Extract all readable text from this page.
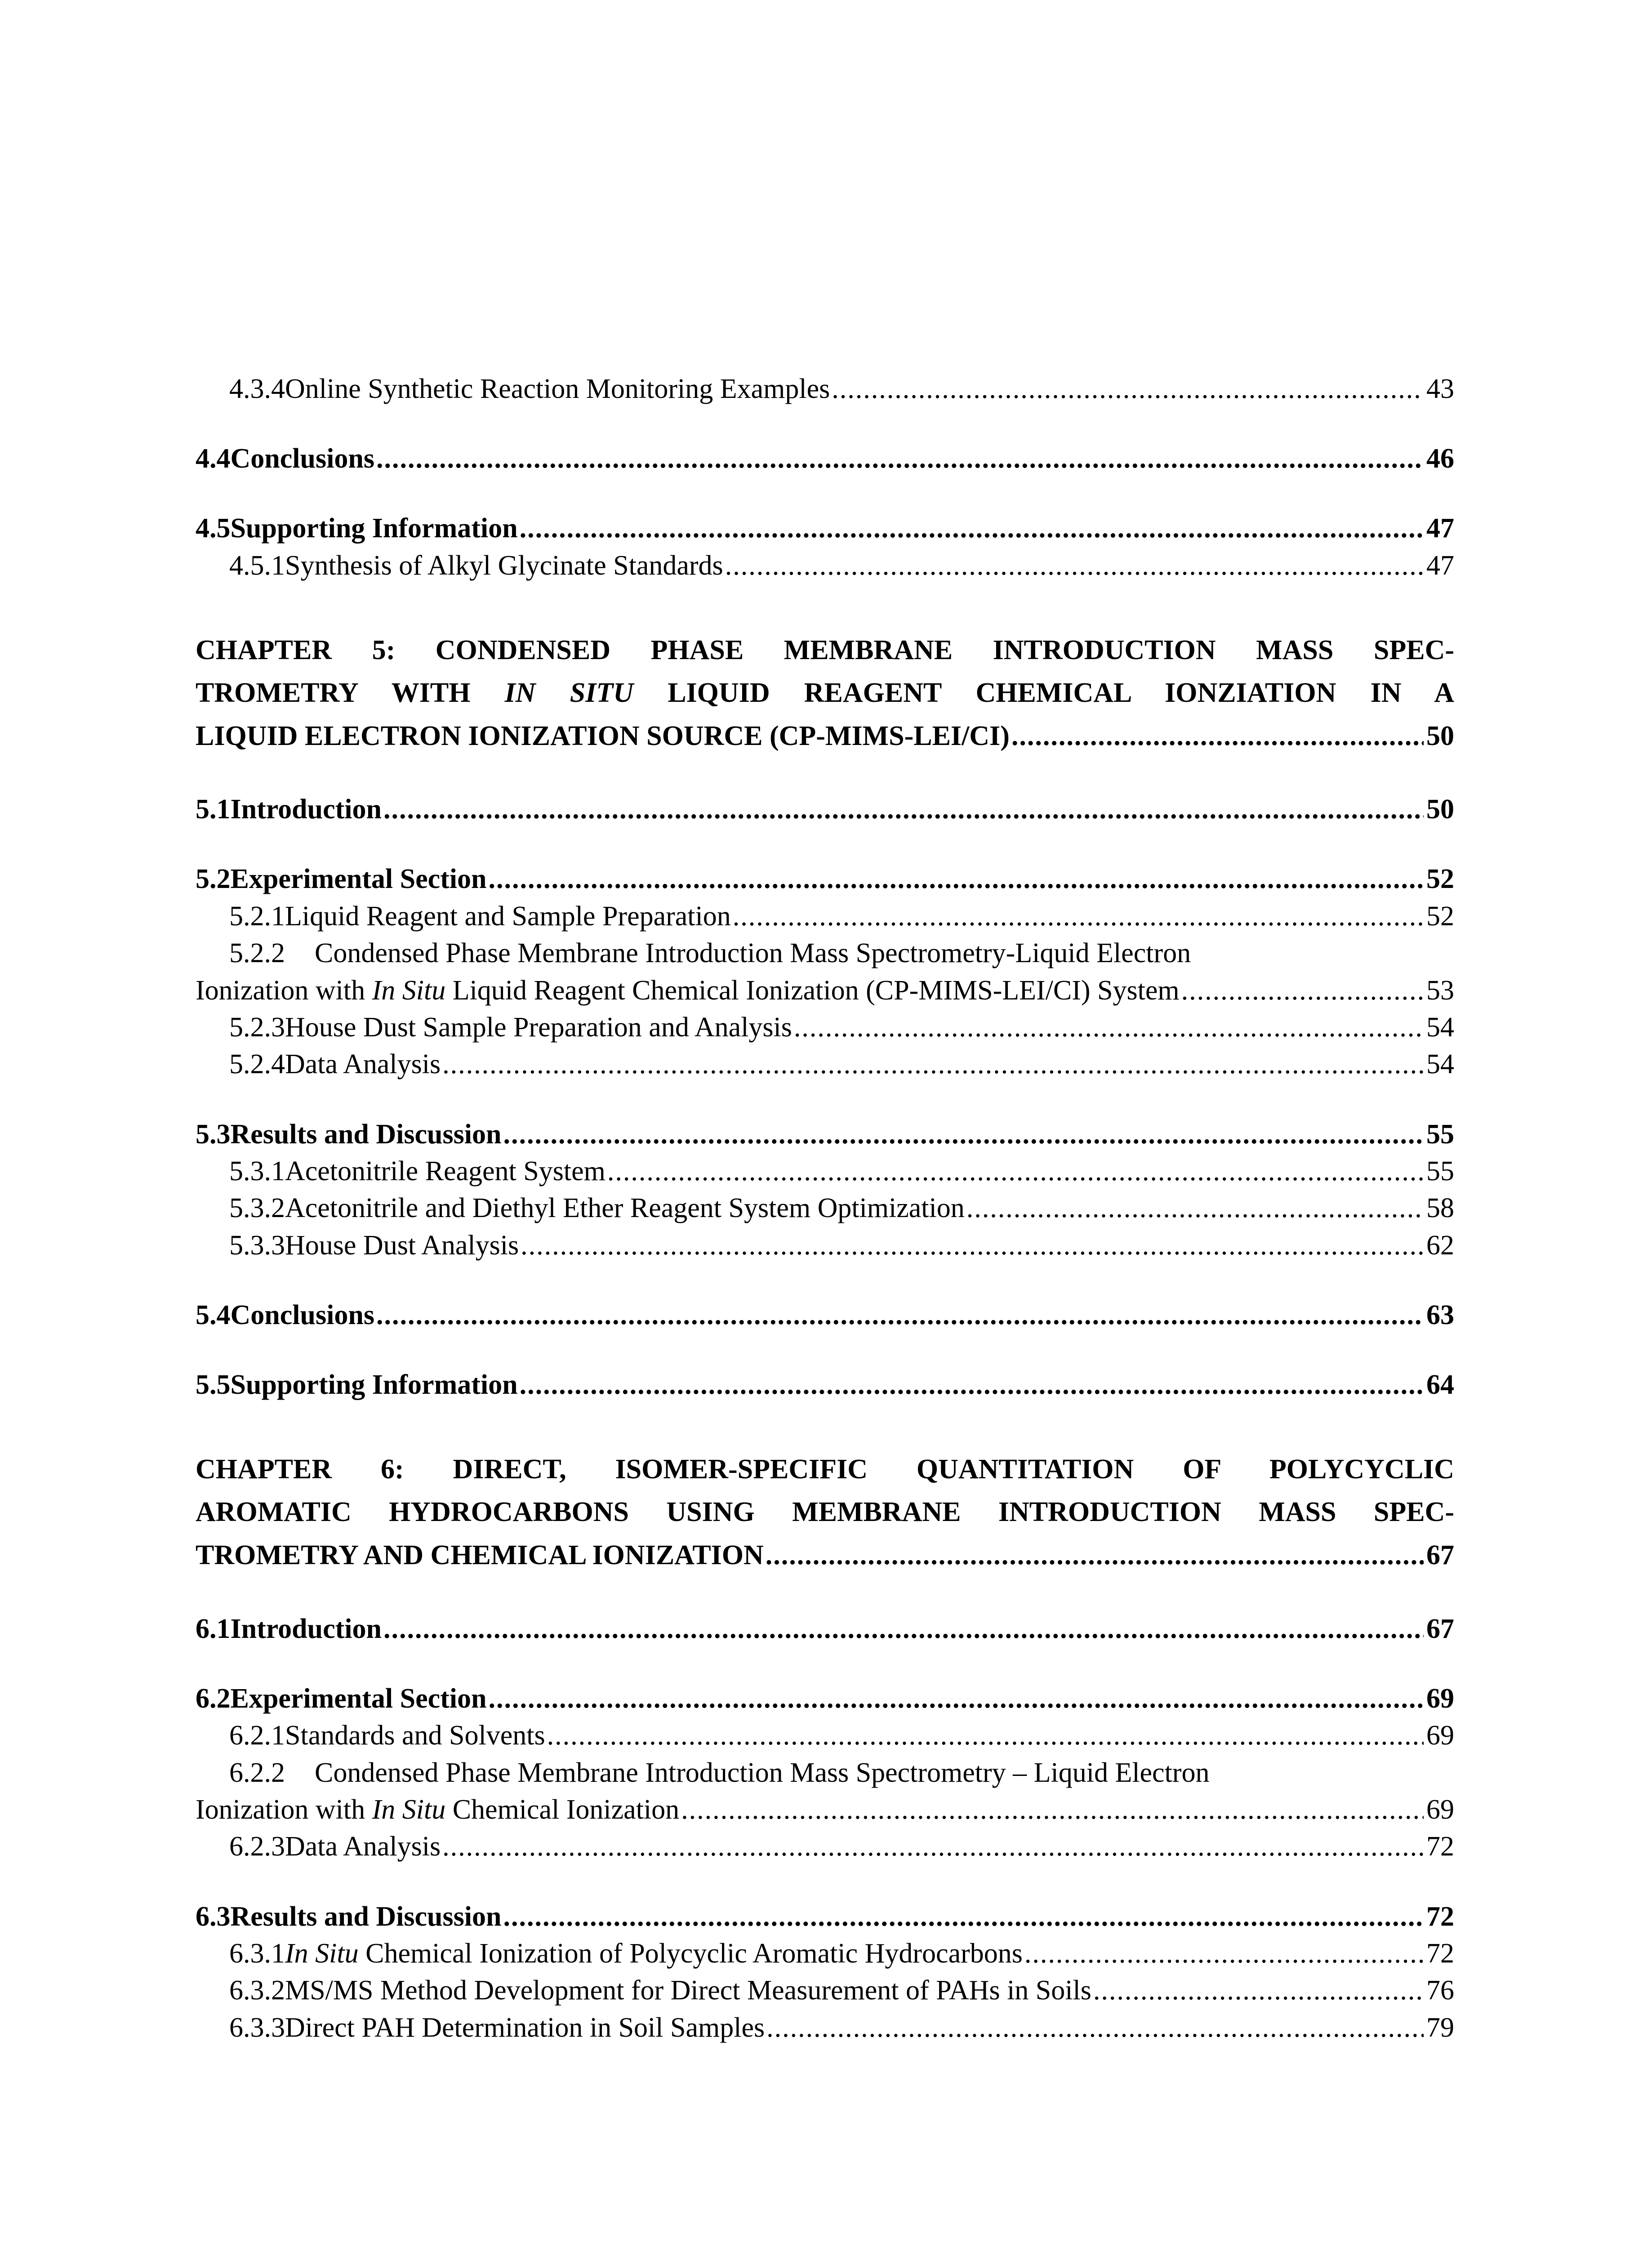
4.3.4 Online Synthetic Reaction Monitoring Examples .....	43
4.4 Conclusions .....	46
4.5 Supporting Information .....	47
4.5.1 Synthesis of Alkyl Glycinate Standards .....	47
CHAPTER 5: CONDENSED PHASE MEMBRANE INTRODUCTION MASS SPEC-
TROMETRY WITH IN SITU LIQUID REAGENT CHEMICAL IONZIATION IN A
LIQUID ELECTRON IONIZATION SOURCE (CP-MIMS-LEI/CI) .....	50
5.1 Introduction .....	50
5.2 Experimental Section .....	52
5.2.1 Liquid Reagent and Sample Preparation .....	52
5.2.2 Condensed Phase Membrane Introduction Mass Spectrometry-Liquid Electron
Ionization with In Situ Liquid Reagent Chemical Ionization (CP-MIMS-LEI/CI) System .....	53
5.2.3 House Dust Sample Preparation and Analysis .....	54
5.2.4 Data Analysis .....	54
5.3 Results and Discussion .....	55
5.3.1 Acetonitrile Reagent System .....	55
5.3.2 Acetonitrile and Diethyl Ether Reagent System Optimization .....	58
5.3.3 House Dust Analysis .....	62
5.4 Conclusions .....	63
5.5 Supporting Information .....	64
CHAPTER 6: DIRECT, ISOMER-SPECIFIC QUANTITATION OF POLYCYCLIC
AROMATIC HYDROCARBONS USING MEMBRANE INTRODUCTION MASS SPEC-
TROMETRY AND CHEMICAL IONIZATION .....	67
6.1 Introduction .....	67
6.2 Experimental Section .....	69
6.2.1 Standards and Solvents .....	69
6.2.2 Condensed Phase Membrane Introduction Mass Spectrometry – Liquid Electron
Ionization with In Situ Chemical Ionization .....	69
6.2.3 Data Analysis .....	72
6.3 Results and Discussion .....	72
6.3.1 In Situ Chemical Ionization of Polycyclic Aromatic Hydrocarbons .....	72
6.3.2 MS/MS Method Development for Direct Measurement of PAHs in Soils .....	76
6.3.3 Direct PAH Determination in Soil Samples .....	79
